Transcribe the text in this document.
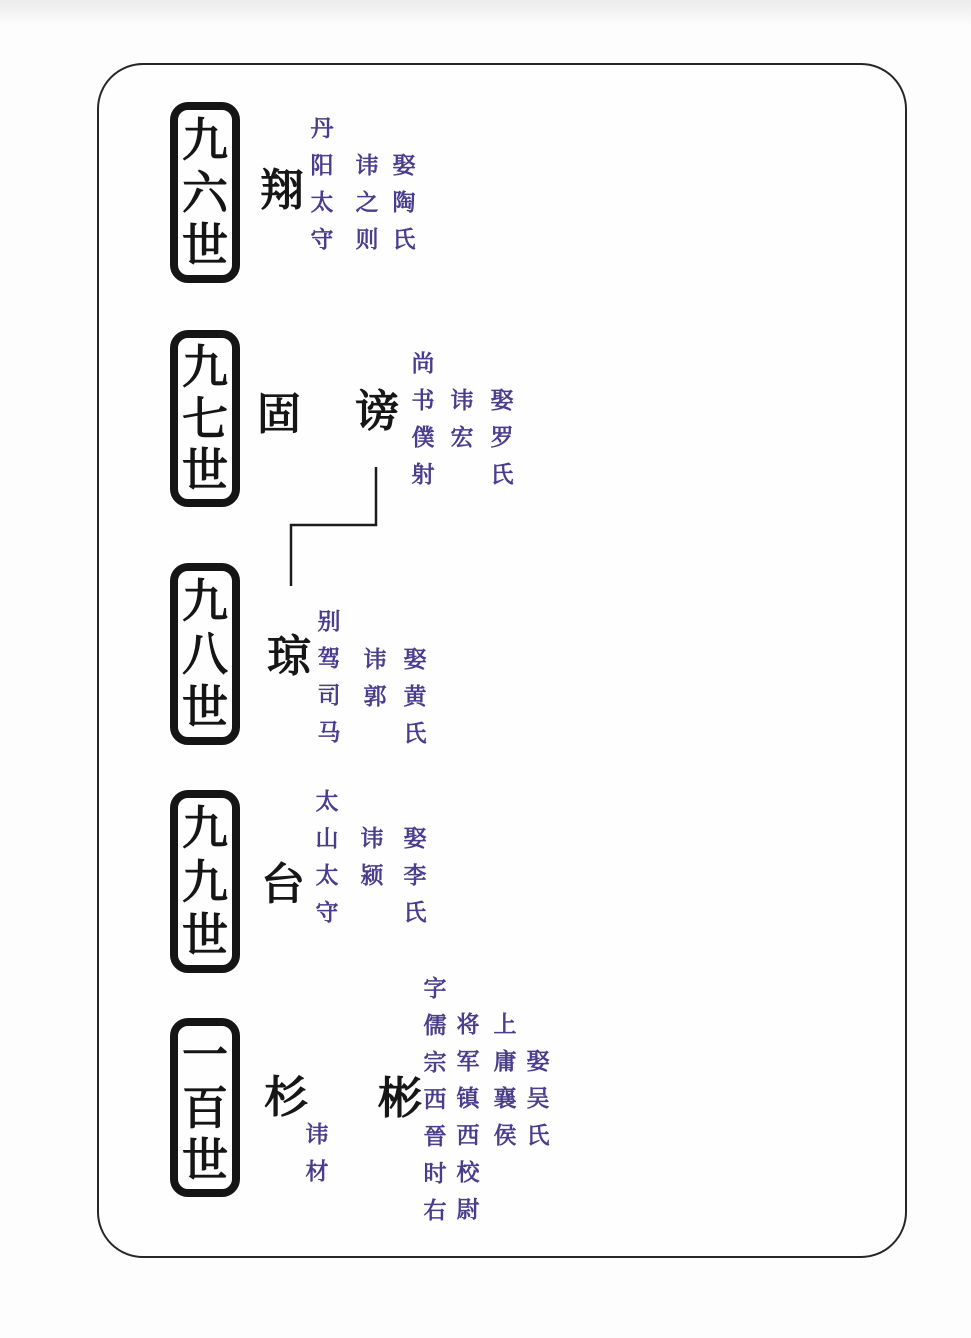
九
六
世
翔
丹
阳
太
守
讳
之
则
娶
陶
氏
九
七
世
固 谤
尚
书
僕
射
讳
宏
娶
罗
氏
九
八
世
琼
别
驾
司
马
讳
郭
娶
黄
氏
九
九
世
台
太
山
太
守
讳
颍
娶
李
氏
一
百
世
杉
讳
材
彬
字
儒
宗
西
晉
时
右
将
军
镇
西
校
尉
上
庸
襄
侯
娶
吴
氏
